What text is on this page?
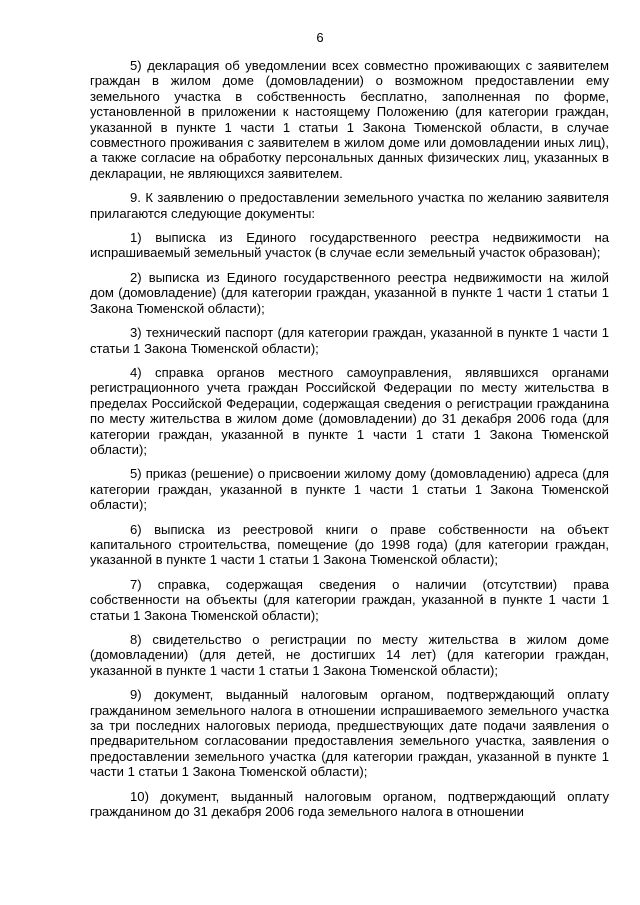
6

5) декларация об уведомлении всех совместно проживающих с заявителем граждан в жилом доме (домовладении) о возможном предоставлении ему земельного участка в собственность бесплатно, заполненная по форме, установленной в приложении к настоящему Положению (для категории граждан, указанной в пункте 1 части 1 статьи 1 Закона Тюменской области, в случае совместного проживания с заявителем в жилом доме или домовладении иных лиц), а также согласие на обработку персональных данных физических лиц, указанных в декларации, не являющихся заявителем.

9. К заявлению о предоставлении земельного участка по желанию заявителя прилагаются следующие документы:

1) выписка из Единого государственного реестра недвижимости на испрашиваемый земельный участок (в случае если земельный участок образован);

2) выписка из Единого государственного реестра недвижимости на жилой дом (домовладение) (для категории граждан, указанной в пункте 1 части 1 статьи 1 Закона Тюменской области);

3) технический паспорт (для категории граждан, указанной в пункте 1 части 1 статьи 1 Закона Тюменской области);

4) справка органов местного самоуправления, являвшихся органами регистрационного учета граждан Российской Федерации по месту жительства в пределах Российской Федерации, содержащая сведения о регистрации гражданина по месту жительства в жилом доме (домовладении) до 31 декабря 2006 года (для категории граждан, указанной в пункте 1 части 1 стати 1 Закона Тюменской области);

5) приказ (решение) о присвоении жилому дому (домовладению) адреса (для категории граждан, указанной в пункте 1 части 1 статьи 1 Закона Тюменской области);

6) выписка из реестровой книги о праве собственности на объект капитального строительства, помещение (до 1998 года) (для категории граждан, указанной в пункте 1 части 1 статьи 1 Закона Тюменской области);

7) справка, содержащая сведения о наличии (отсутствии) права собственности на объекты (для категории граждан, указанной в пункте 1 части 1 статьи 1 Закона Тюменской области);

8) свидетельство о регистрации по месту жительства в жилом доме (домовладении) (для детей, не достигших 14 лет) (для категории граждан, указанной в пункте 1 части 1 статьи 1 Закона Тюменской области);

9) документ, выданный налоговым органом, подтверждающий оплату гражданином земельного налога в отношении испрашиваемого земельного участка за три последних налоговых периода, предшествующих дате подачи заявления о предварительном согласовании предоставления земельного участка, заявления о предоставлении земельного участка (для категории граждан, указанной в пункте 1 части 1 статьи 1 Закона Тюменской области);

10) документ, выданный налоговым органом, подтверждающий оплату гражданином до 31 декабря 2006 года земельного налога в отношении
